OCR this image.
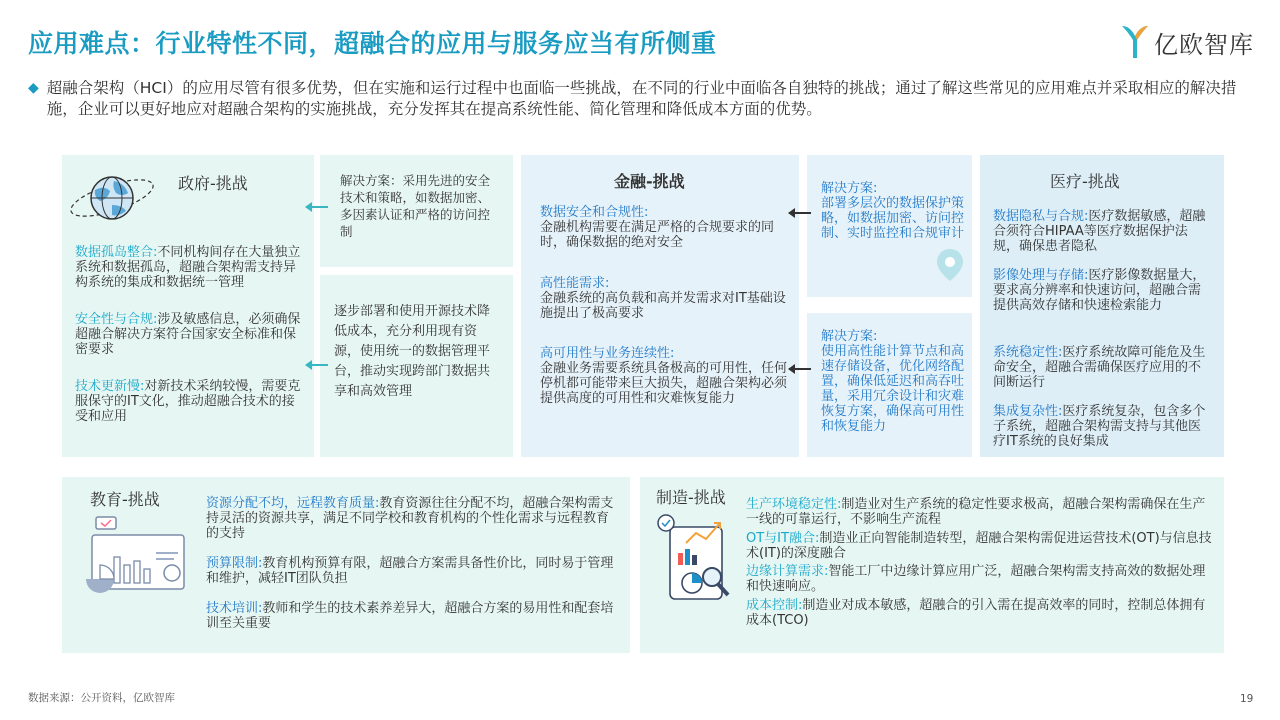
应用难点：行业特性不同，超融合的应用与服务应当有所侧重	亿欧智库
◆ 超融合架构（HCI）的应用尽管有很多优势，但在实施和运行过程中也面临一些挑战，在不同的行业中面临各自独特的挑战；通过了解这些常见的应用难点并采取相应的解决措施，企业可以更好地应对超融合架构的实施挑战，充分发挥其在提高系统性能、简化管理和降低成本方面的优势。
政府-挑战
数据孤岛整合:不同机构间存在大量独立系统和数据孤岛，超融合架构需支持异构系统的集成和数据统一管理
安全性与合规:涉及敏感信息，必须确保超融合解决方案符合国家安全标准和保密要求
技术更新慢:对新技术采纳较慢，需要克服保守的IT文化，推动超融合技术的接受和应用
解决方案：采用先进的安全技术和策略，如数据加密、多因素认证和严格的访问控制
逐步部署和使用开源技术降低成本，充分利用现有资源，使用统一的数据管理平台，推动实现跨部门数据共享和高效管理
金融-挑战
数据安全和合规性:
金融机构需要在满足严格的合规要求的同时，确保数据的绝对安全
高性能需求:
金融系统的高负载和高并发需求对IT基础设施提出了极高要求
高可用性与业务连续性:
金融业务需要系统具备极高的可用性，任何停机都可能带来巨大损失，超融合架构必须提供高度的可用性和灾难恢复能力
解决方案:
部署多层次的数据保护策略，如数据加密、访问控制、实时监控和合规审计
解决方案:
使用高性能计算节点和高速存储设备，优化网络配置，确保低延迟和高吞吐量，采用冗余设计和灾难恢复方案，确保高可用性和恢复能力
医疗-挑战
数据隐私与合规:医疗数据敏感，超融合须符合HIPAA等医疗数据保护法规，确保患者隐私
影像处理与存储:医疗影像数据量大，要求高分辨率和快速访问，超融合需提供高效存储和快速检索能力
系统稳定性:医疗系统故障可能危及生命安全，超融合需确保医疗应用的不间断运行
集成复杂性:医疗系统复杂，包含多个子系统，超融合架构需支持与其他医疗IT系统的良好集成
教育-挑战	资源分配不均，远程教育质量:教育资源往往分配不均，超融合架构需支持灵活的资源共享，满足不同学校和教育机构的个性化需求与远程教育的支持
预算限制:教育机构预算有限，超融合方案需具备性价比，同时易于管理和维护，减轻IT团队负担
技术培训:教师和学生的技术素养差异大，超融合方案的易用性和配套培训至关重要
制造-挑战 生产环境稳定性:制造业对生产系统的稳定性要求极高，超融合架构需确保在生产一线的可靠运行，不影响生产流程
OT与IT融合:制造业正向智能制造转型，超融合架构需促进运营技术(OT)与信息技术(IT)的深度融合
边缘计算需求:智能工厂中边缘计算应用广泛，超融合架构需支持高效的数据处理和快速响应。
成本控制:制造业对成本敏感，超融合的引入需在提高效率的同时，控制总体拥有成本(TCO)
数据来源：公开资料，亿欧智库	19
